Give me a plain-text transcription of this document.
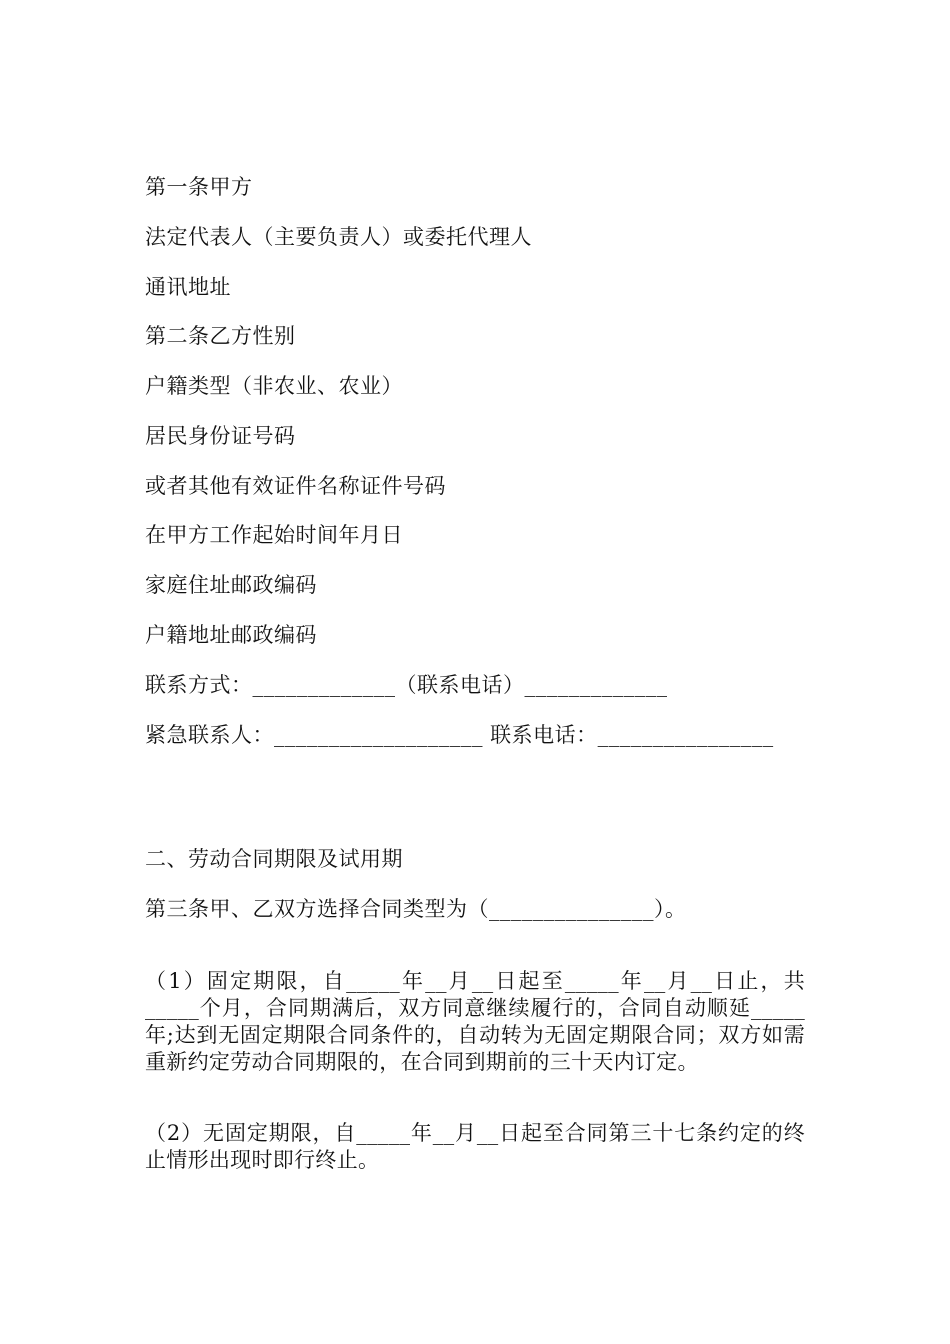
第一条甲方
法定代表人（主要负责人）或委托代理人
通讯地址
第二条乙方性别
户籍类型（非农业、农业）
居民身份证号码
或者其他有效证件名称证件号码
在甲方工作起始时间年月日
家庭住址邮政编码
户籍地址邮政编码
联系方式：_____________（联系电话）_____________
紧急联系人：___________________ 联系电话：________________
二、劳动合同期限及试用期
第三条甲、乙双方选择合同类型为（_______________）。
（1）固定期限，自_____年__月__日起至_____年__月__日止，共_____个月，合同期满后，双方同意继续履行的，合同自动顺延_____年;达到无固定期限合同条件的，自动转为无固定期限合同；双方如需重新约定劳动合同期限的，在合同到期前的三十天内订定。
（2）无固定期限，自_____年__月__日起至合同第三十七条约定的终止情形出现时即行终止。
